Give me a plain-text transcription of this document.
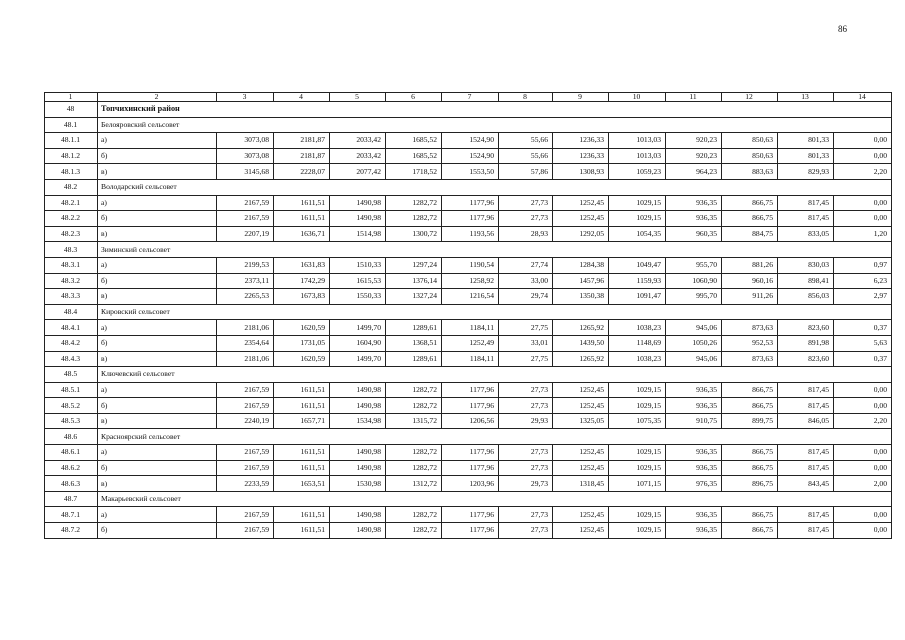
86
1	2	3	4	5	6	7	8	9	10	11	12	13	14
48	Топчихинский район												
48.1	Белояровский сельсовет												
48.1.1	а)	3073,08	2181,87	2033,42	1685,52	1524,90	55,66	1236,33	1013,03	920,23	850,63	801,33	0,00
48.1.2	б)	3073,08	2181,87	2033,42	1685,52	1524,90	55,66	1236,33	1013,03	920,23	850,63	801,33	0,00
48.1.3	в)	3145,68	2228,07	2077,42	1718,52	1553,50	57,86	1308,93	1059,23	964,23	883,63	829,93	2,20
48.2	Володарский сельсовет												
48.2.1	а)	2167,59	1611,51	1490,98	1282,72	1177,96	27,73	1252,45	1029,15	936,35	866,75	817,45	0,00
48.2.2	б)	2167,59	1611,51	1490,98	1282,72	1177,96	27,73	1252,45	1029,15	936,35	866,75	817,45	0,00
48.2.3	в)	2207,19	1636,71	1514,98	1300,72	1193,56	28,93	1292,05	1054,35	960,35	884,75	833,05	1,20
48.3	Зиминский сельсовет												
48.3.1	а)	2199,53	1631,83	1510,33	1297,24	1190,54	27,74	1284,38	1049,47	955,70	881,26	830,03	0,97
48.3.2	б)	2373,11	1742,29	1615,53	1376,14	1258,92	33,00	1457,96	1159,93	1060,90	960,16	898,41	6,23
48.3.3	в)	2265,53	1673,83	1550,33	1327,24	1216,54	29,74	1350,38	1091,47	995,70	911,26	856,03	2,97
48.4	Кировский сельсовет												
48.4.1	а)	2181,06	1620,59	1499,70	1289,61	1184,11	27,75	1265,92	1038,23	945,06	873,63	823,60	0,37
48.4.2	б)	2354,64	1731,05	1604,90	1368,51	1252,49	33,01	1439,50	1148,69	1050,26	952,53	891,98	5,63
48.4.3	в)	2181,06	1620,59	1499,70	1289,61	1184,11	27,75	1265,92	1038,23	945,06	873,63	823,60	0,37
48.5	Ключевский сельсовет												
48.5.1	а)	2167,59	1611,51	1490,98	1282,72	1177,96	27,73	1252,45	1029,15	936,35	866,75	817,45	0,00
48.5.2	б)	2167,59	1611,51	1490,98	1282,72	1177,96	27,73	1252,45	1029,15	936,35	866,75	817,45	0,00
48.5.3	в)	2240,19	1657,71	1534,98	1315,72	1206,56	29,93	1325,05	1075,35	910,75	899,75	846,05	2,20
48.6	Красноярский сельсовет												
48.6.1	а)	2167,59	1611,51	1490,98	1282,72	1177,96	27,73	1252,45	1029,15	936,35	866,75	817,45	0,00
48.6.2	б)	2167,59	1611,51	1490,98	1282,72	1177,96	27,73	1252,45	1029,15	936,35	866,75	817,45	0,00
48.6.3	в)	2233,59	1653,51	1530,98	1312,72	1203,96	29,73	1318,45	1071,15	976,35	896,75	843,45	2,00
48.7	Макарьевский сельсовет												
48.7.1	а)	2167,59	1611,51	1490,98	1282,72	1177,96	27,73	1252,45	1029,15	936,35	866,75	817,45	0,00
48.7.2	б)	2167,59	1611,51	1490,98	1282,72	1177,96	27,73	1252,45	1029,15	936,35	866,75	817,45	0,00
